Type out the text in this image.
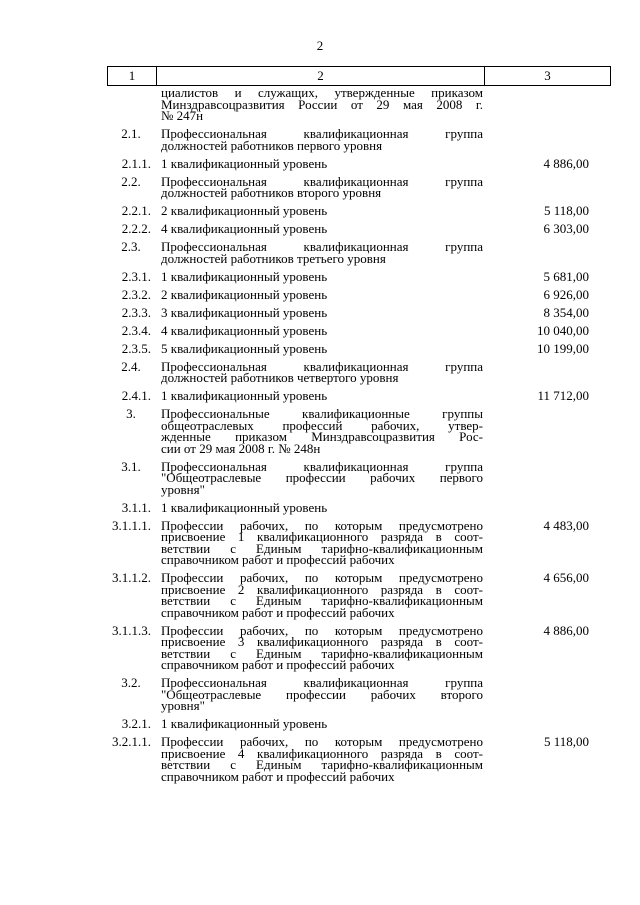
2
1	2	3
циалистов и служащих, утвержденные приказом
Минздравсоцразвития России от 29 мая 2008 г.
№ 247н
2.1.	Профессиональная квалификационная группа
должностей работников первого уровня
2.1.1. 1 квалификационный уровень	4 886,00
2.2.	Профессиональная квалификационная группа
должностей работников второго уровня
2.2.1. 2 квалификационный уровень	5 118,00
2.2.2. 4 квалификационный уровень	6 303,00
2.3.	Профессиональная квалификационная группа
должностей работников третьего уровня
2.3.1. 1 квалификационный уровень	5 681,00
2.3.2. 2 квалификационный уровень	6 926,00
2.3.3. 3 квалификационный уровень	8 354,00
2.3.4. 4 квалификационный уровень	10 040,00
2.3.5. 5 квалификационный уровень	10 199,00
2.4.	Профессиональная квалификационная группа
должностей работников четвертого уровня
2.4.1. 1 квалификационный уровень	11 712,00
3.	Профессиональные квалификационные группы
общеотраслевых профессий рабочих, утвер-
жденные приказом Минздравсоцразвития Рос-
сии от 29 мая 2008 г. № 248н
3.1.	Профессиональная квалификационная группа
"Общеотраслевые профессии рабочих первого
уровня"
3.1.1. 1 квалификационный уровень
3.1.1.1. Профессии рабочих, по которым предусмотрено
присвоение 1 квалификационного разряда в соот-
ветствии с Единым тарифно-квалификационным
справочником работ и профессий рабочих
4 483,00
3.1.1.2. Профессии рабочих, по которым предусмотрено
присвоение 2 квалификационного разряда в соот-
ветствии с Единым тарифно-квалификационным
справочником работ и профессий рабочих
4 656,00
3.1.1.3. Профессии рабочих, по которым предусмотрено
присвоение 3 квалификационного разряда в соот-
ветствии с Единым тарифно-квалификационным
справочником работ и профессий рабочих
4 886,00
3.2.	Профессиональная квалификационная группа
"Общеотраслевые профессии рабочих второго
уровня"
3.2.1. 1 квалификационный уровень
3.2.1.1. Профессии рабочих, по которым предусмотрено
присвоение 4 квалификационного разряда в соот-
ветствии с Единым тарифно-квалификационным
справочником работ и профессий рабочих
5 118,00
